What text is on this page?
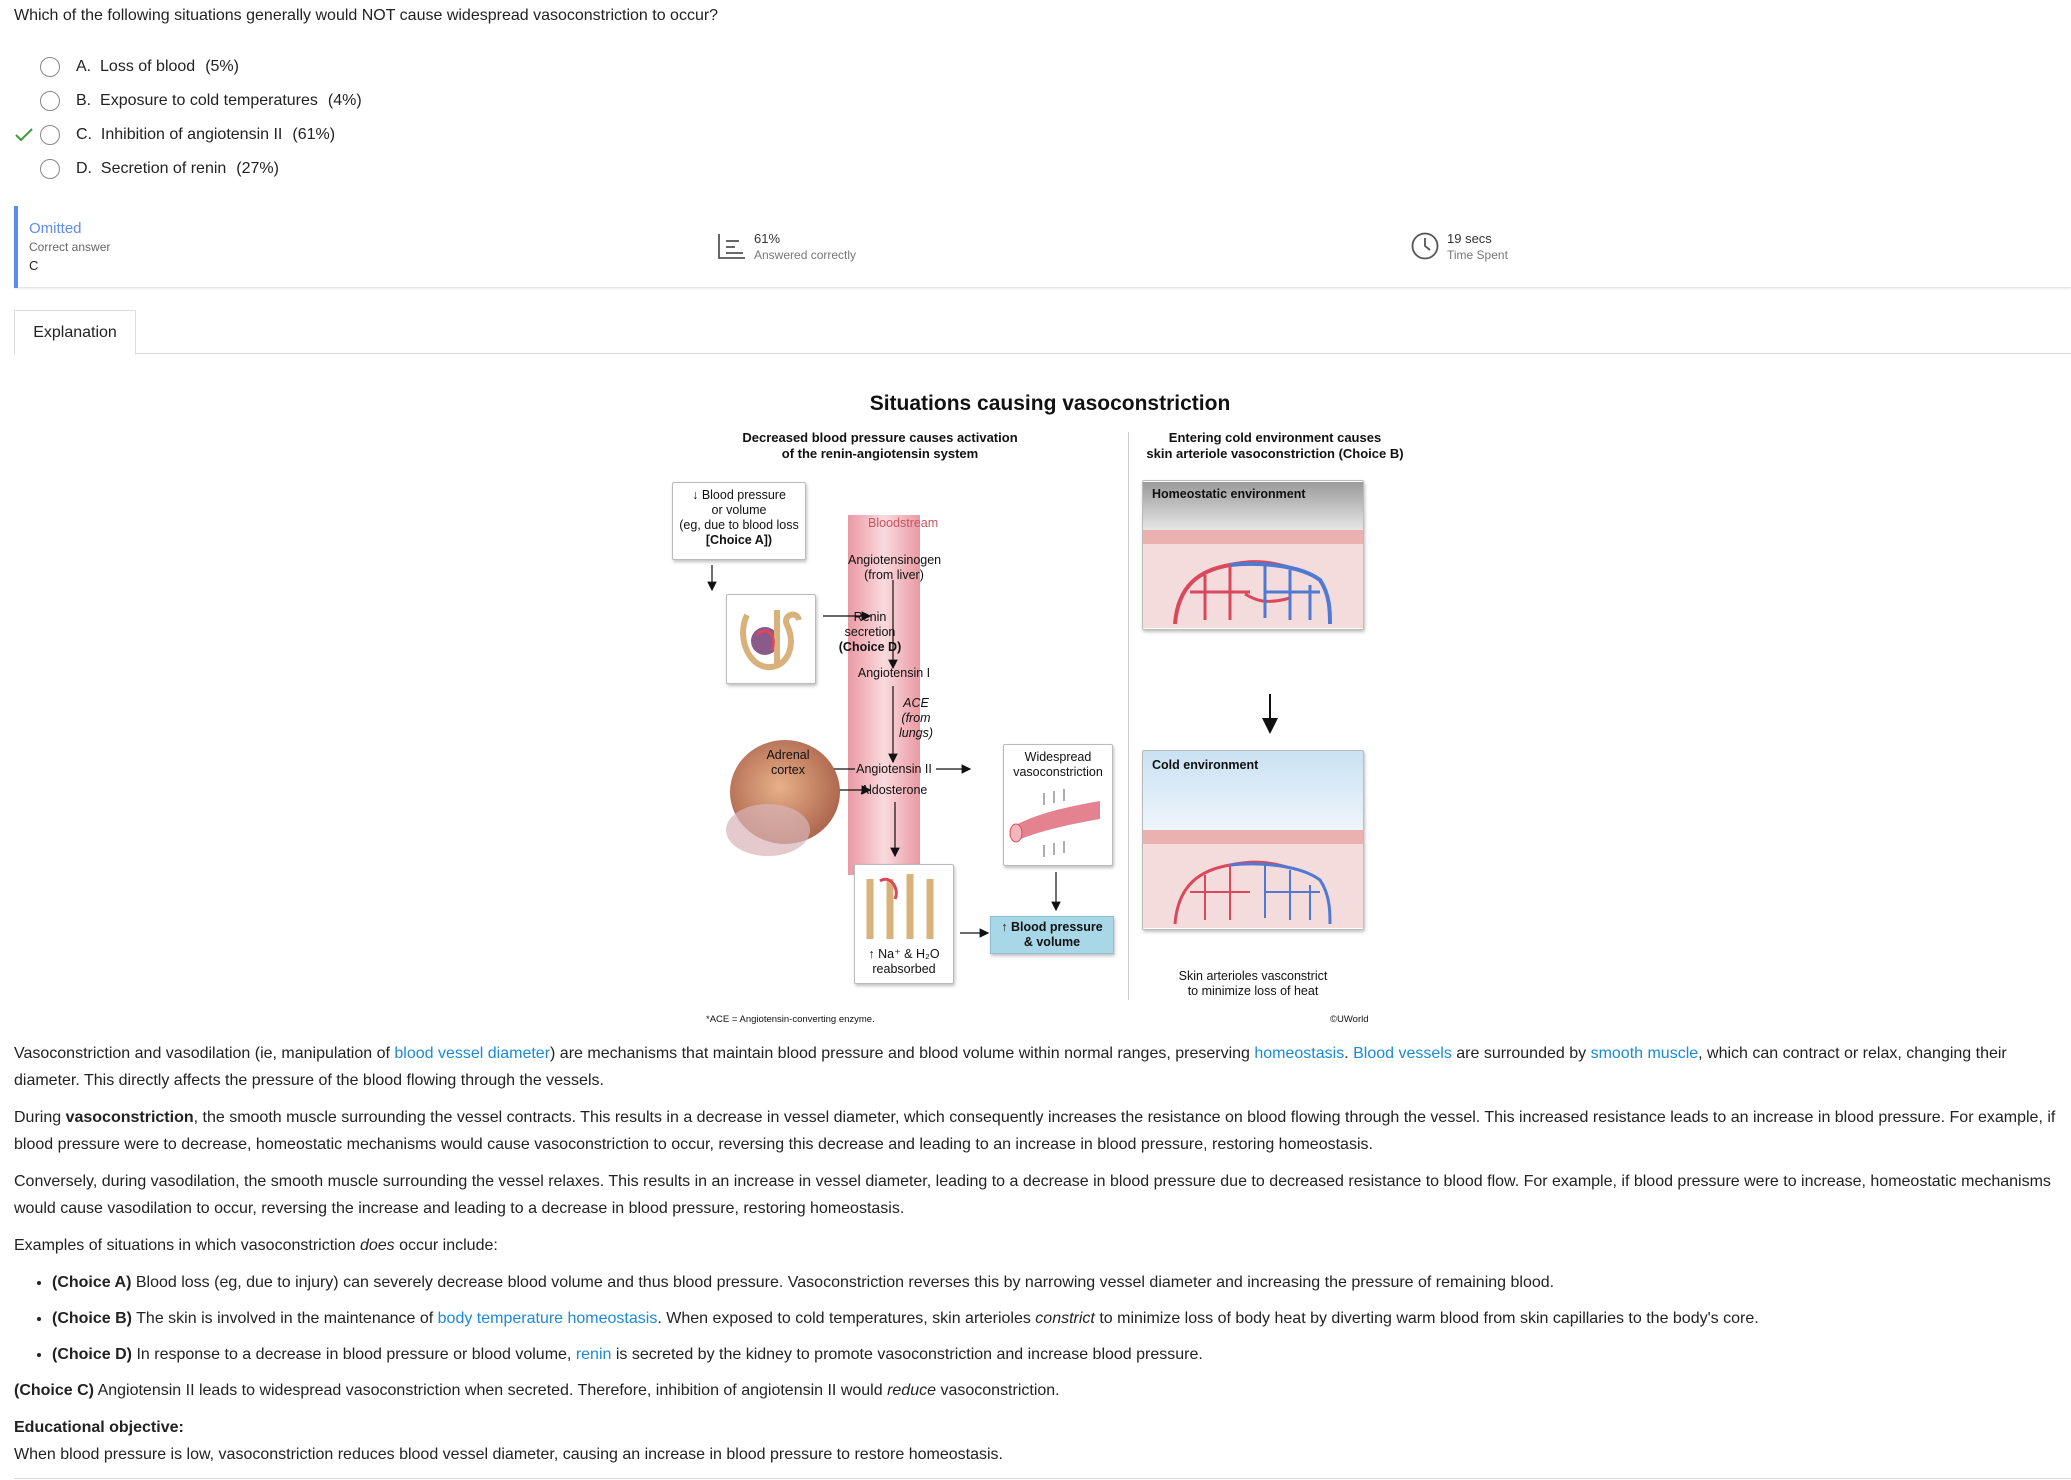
Which of the following situations generally would NOT cause widespread vasoconstriction to occur?
A. Loss of blood (5%)
B. Exposure to cold temperatures (4%)
C. Inhibition of angiotensin II (61%)
D. Secretion of renin (27%)
Omitted
Correct answer
C
61%
Answered correctly
19 secs
Time Spent
Explanation
Situations causing vasoconstriction
Decreased blood pressure causes activation
of the renin-angiotensin system
Entering cold environment causes
skin arteriole vasoconstriction (Choice B)
↓ Blood pressure
or volume
(eg, due to blood loss
[Choice A])
Bloodstream
Angiotensinogen
(from liver)
Renin
secretion
(Choice D)
Angiotensin I
ACE
(from
lungs)
Adrenal
cortex	Angiotensin II
Aldosterone
Widespread
vasoconstriction
↑ Na⁺ & H₂O
reabsorbed
↑ Blood pressure
& volume
Homeostatic environment
Cold environment
Skin arterioles vasconstrict
to minimize loss of heat
*ACE = Angiotensin-converting enzyme.	©UWorld

Vasoconstriction and vasodilation (ie, manipulation of blood vessel diameter) are mechanisms that maintain blood pressure and blood volume within normal ranges, preserving homeostasis. Blood vessels are surrounded by smooth muscle, which can contract or relax, changing their diameter. This directly affects the pressure of the blood flowing through the vessels.

During vasoconstriction, the smooth muscle surrounding the vessel contracts. This results in a decrease in vessel diameter, which consequently increases the resistance on blood flowing through the vessel. This increased resistance leads to an increase in blood pressure. For example, if blood pressure were to decrease, homeostatic mechanisms would cause vasoconstriction to occur, reversing this decrease and leading to an increase in blood pressure, restoring homeostasis.

Conversely, during vasodilation, the smooth muscle surrounding the vessel relaxes. This results in an increase in vessel diameter, leading to a decrease in blood pressure due to decreased resistance to blood flow. For example, if blood pressure were to increase, homeostatic mechanisms would cause vasodilation to occur, reversing the increase and leading to a decrease in blood pressure, restoring homeostasis.

Examples of situations in which vasoconstriction does occur include:

• (Choice A) Blood loss (eg, due to injury) can severely decrease blood volume and thus blood pressure. Vasoconstriction reverses this by narrowing vessel diameter and increasing the pressure of remaining blood.
• (Choice B) The skin is involved in the maintenance of body temperature homeostasis. When exposed to cold temperatures, skin arterioles constrict to minimize loss of body heat by diverting warm blood from skin capillaries to the body's core.
• (Choice D) In response to a decrease in blood pressure or blood volume, renin is secreted by the kidney to promote vasoconstriction and increase blood pressure.

(Choice C) Angiotensin II leads to widespread vasoconstriction when secreted. Therefore, inhibition of angiotensin II would reduce vasoconstriction.

Educational objective:
When blood pressure is low, vasoconstriction reduces blood vessel diameter, causing an increase in blood pressure to restore homeostasis.
